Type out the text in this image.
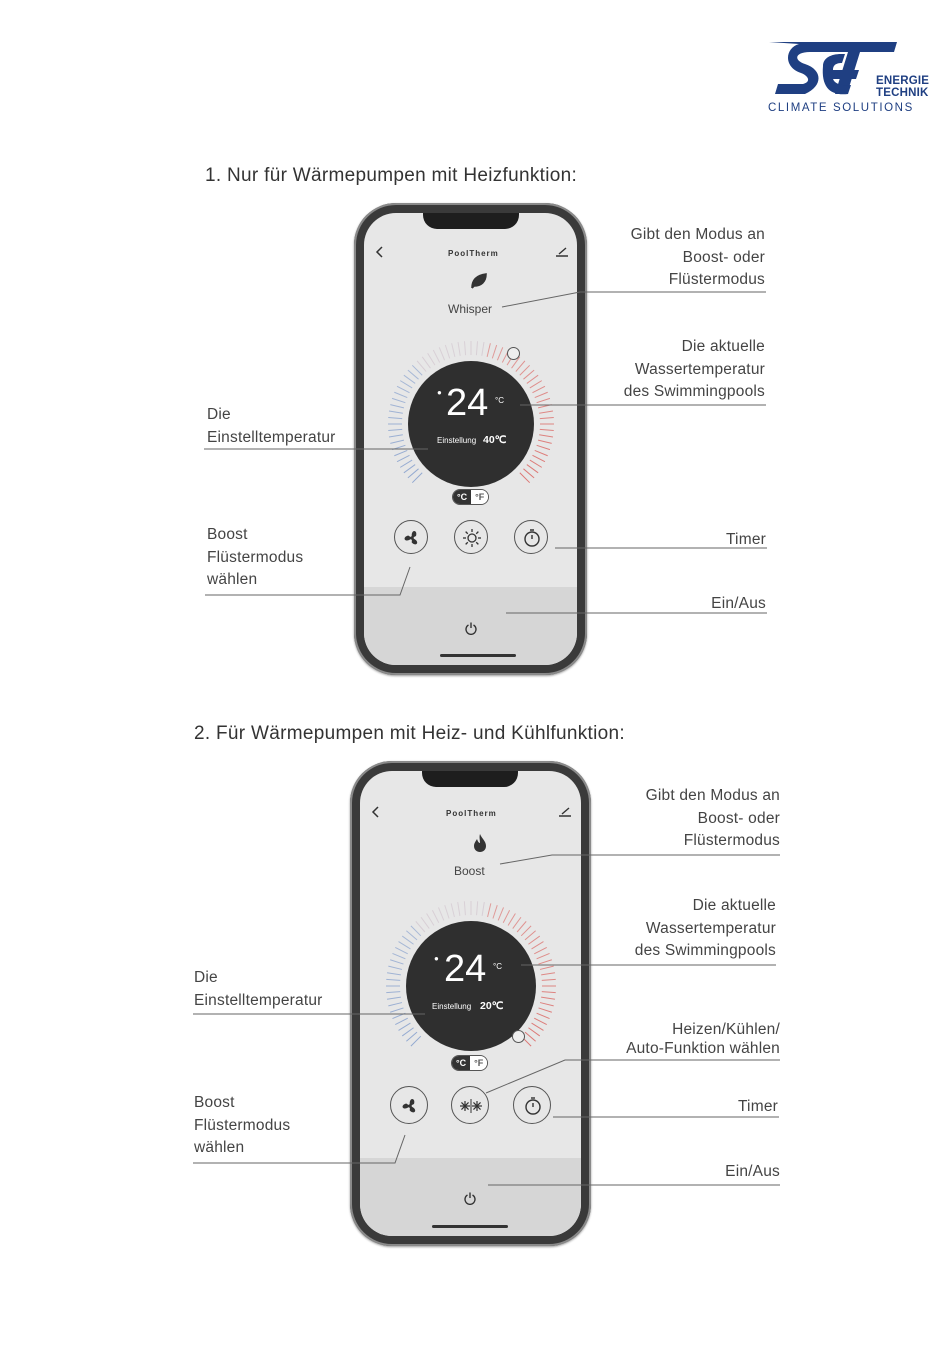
ENERGIE
TECHNIK
CLIMATE SOLUTIONS
1. Nur für Wärmepumpen mit Heizfunktion:
PoolTherm
Whisper
● 24 °C
Einstellung 40℃
°C °F
Gibt den Modus an
Boost- oder
Flüstermodus
Die aktuelle
Wassertemperatur
des Swimmingpools
Die
Einstelltemperatur
Boost
Flüstermodus
wählen
Timer
Ein/Aus
2. Für Wärmepumpen mit Heiz- und Kühlfunktion:
PoolTherm
Boost
● 24 °C
Einstellung 20℃
°C °F
Gibt den Modus an
Boost- oder
Flüstermodus
Die aktuelle
Wassertemperatur
des Swimmingpools
Die
Einstelltemperatur
Heizen/Kühlen/
Auto-Funktion wählen
Boost
Flüstermodus
wählen
Timer
Ein/Aus
